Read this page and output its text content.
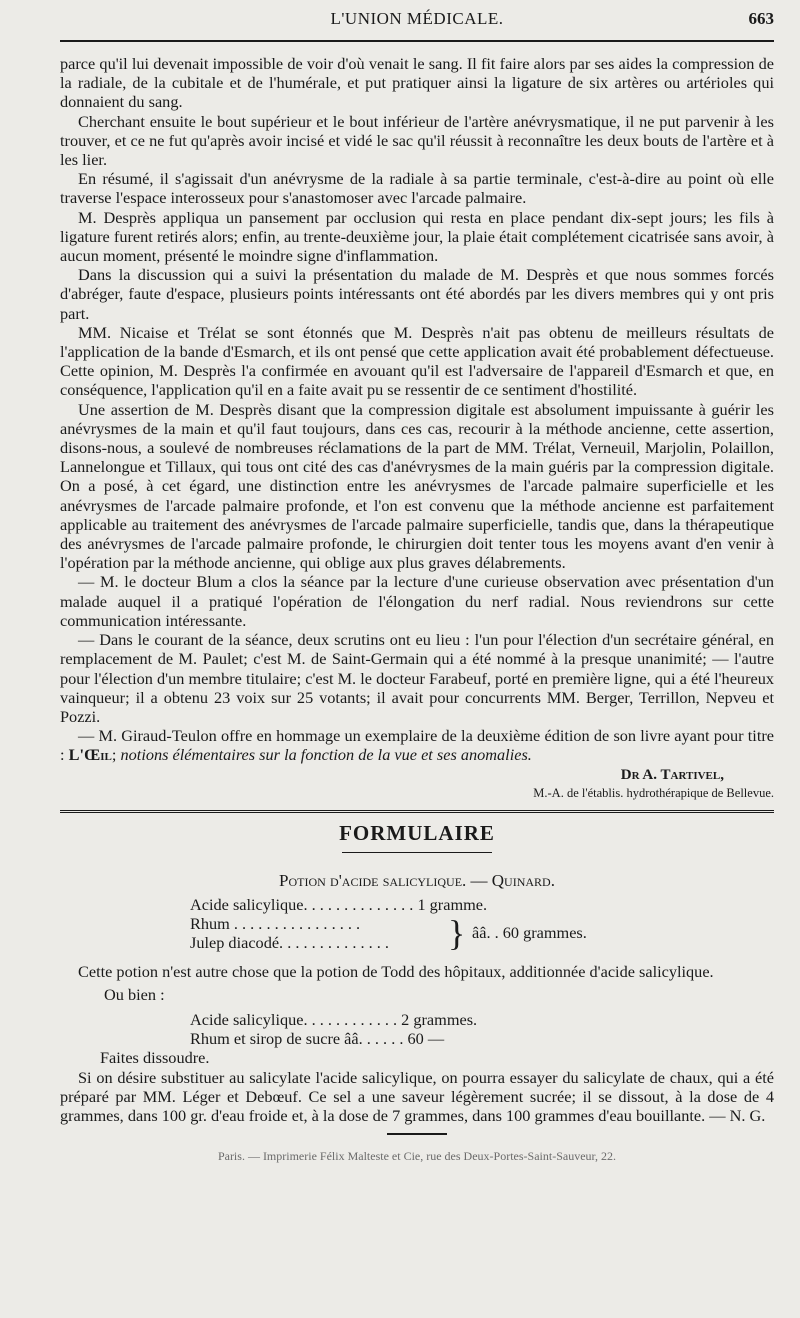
L'UNION MÉDICALE.	663

parce qu'il lui devenait impossible de voir d'où venait le sang. Il fit faire alors par ses aides la compression de la radiale, de la cubitale et de l'humérale, et put pratiquer ainsi la ligature de six artères ou artérioles qui donnaient du sang.

Cherchant ensuite le bout supérieur et le bout inférieur de l'artère anévrysmatique, il ne put parvenir à les trouver, et ce ne fut qu'après avoir incisé et vidé le sac qu'il réussit à reconnaître les deux bouts de l'artère et à les lier.

En résumé, il s'agissait d'un anévrysme de la radiale à sa partie terminale, c'est-à-dire au point où elle traverse l'espace interosseux pour s'anastomoser avec l'arcade palmaire.

M. Desprès appliqua un pansement par occlusion qui resta en place pendant dix-sept jours; les fils à ligature furent retirés alors; enfin, au trente-deuxième jour, la plaie était complétement cicatrisée sans avoir, à aucun moment, présenté le moindre signe d'inflammation.

Dans la discussion qui a suivi la présentation du malade de M. Desprès et que nous sommes forcés d'abréger, faute d'espace, plusieurs points intéressants ont été abordés par les divers membres qui y ont pris part.

MM. Nicaise et Trélat se sont étonnés que M. Desprès n'ait pas obtenu de meilleurs résultats de l'application de la bande d'Esmarch, et ils ont pensé que cette application avait été probablement défectueuse. Cette opinion, M. Desprès l'a confirmée en avouant qu'il est l'adversaire de l'appareil d'Esmarch et que, en conséquence, l'application qu'il en a faite avait pu se ressentir de ce sentiment d'hostilité.

Une assertion de M. Desprès disant que la compression digitale est absolument impuissante à guérir les anévrysmes de la main et qu'il faut toujours, dans ces cas, recourir à la méthode ancienne, cette assertion, disons-nous, a soulevé de nombreuses réclamations de la part de MM. Trélat, Verneuil, Marjolin, Polaillon, Lannelongue et Tillaux, qui tous ont cité des cas d'anévrysmes de la main guéris par la compression digitale. On a posé, à cet égard, une distinction entre les anévrysmes de l'arcade palmaire superficielle et les anévrysmes de l'arcade palmaire profonde, et l'on est convenu que la méthode ancienne est parfaitement applicable au traitement des anévrysmes de l'arcade palmaire superficielle, tandis que, dans la thérapeutique des anévrysmes de l'arcade palmaire profonde, le chirurgien doit tenter tous les moyens avant d'en venir à l'opération par la méthode ancienne, qui oblige aux plus graves délabrements.

— M. le docteur Blum a clos la séance par la lecture d'une curieuse observation avec présentation d'un malade auquel il a pratiqué l'opération de l'élongation du nerf radial. Nous reviendrons sur cette communication intéressante.

— Dans le courant de la séance, deux scrutins ont eu lieu : l'un pour l'élection d'un secrétaire général, en remplacement de M. Paulet; c'est M. de Saint-Germain qui a été nommé à la presque unanimité; — l'autre pour l'élection d'un membre titulaire; c'est M. le docteur Farabeuf, porté en première ligne, qui a été l'heureux vainqueur; il a obtenu 23 voix sur 25 votants; il avait pour concurrents MM. Berger, Terrillon, Nepveu et Pozzi.

— M. Giraud-Teulon offre en hommage un exemplaire de la deuxième édition de son livre ayant pour titre : L'Œil; notions élémentaires sur la fonction de la vue et ses anomalies.

Dr A. Tartivel,
M.-A. de l'établis. hydrothérapique de Bellevue.
FORMULAIRE
Potion d'acide salicylique. — Quinard.
Acide salicylique. . . . . . . . . . . . . . 1 gramme.
Rhum . . . . . . . . . . . . . . . .
Julep diacodé. . . . . . . . . . . . . .	} ââ. . 60 grammes.

Cette potion n'est autre chose que la potion de Todd des hôpitaux, additionnée d'acide salicylique.

Ou bien :
Acide salicylique. . . . . . . . . . . . 2 grammes.
Rhum et sirop de sucre ââ. . . . . . 60 —
Faites dissoudre.

Si on désire substituer au salicylate l'acide salicylique, on pourra essayer du salicylate de chaux, qui a été préparé par MM. Léger et Debœuf. Ce sel a une saveur légèrement sucrée; il se dissout, à la dose de 4 grammes, dans 100 gr. d'eau froide et, à la dose de 7 grammes, dans 100 grammes d'eau bouillante. — N. G.

Paris. — Imprimerie Félix Malteste et Cie, rue des Deux-Portes-Saint-Sauveur, 22.
